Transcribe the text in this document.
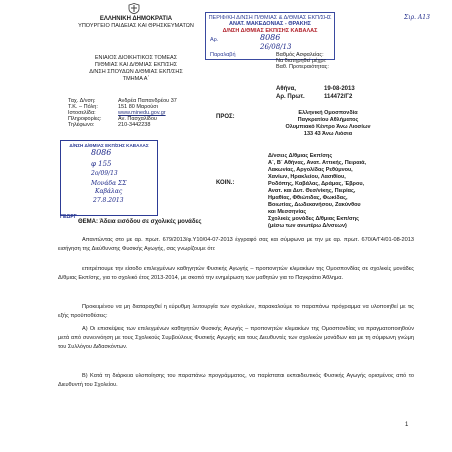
ΕΛΛΗΝΙΚΗ ΔΗΜΟΚΡΑΤΙΑ
ΥΠΟΥΡΓΕΙΟ ΠΑΙΔΕΙΑΣ ΚΑΙ ΘΡΗΣΚΕΥΜΑΤΩΝ
ΕΝΙΑΙΟΣ ΔΙΟΙΚΗΤΙΚΟΣ ΤΟΜΕΑΣ
Π/ΘΜΙΑΣ ΚΑΙ Δ/ΘΜΙΑΣ ΕΚΠ/ΣΗΣ
Δ/ΝΣΗ ΣΠΟΥΔΩΝ Δ/ΘΜΙΑΣ ΕΚΠ/ΣΗΣ
ΤΜΗΜΑ Α΄
Ταχ. Δ/νση:	Ανδρέα Παπανδρέου 37
Τ.Κ. – Πόλη:	151 80 Μαρούσι
Ιστοσελίδα:	www.minedu.gov.gr
Πληροφορίες:	Αν. Πασχαλίδου
Τηλέφωνο:	210-3442238
ΠΕΡΙΦ/ΚΗ Δ/ΝΣΗ Π/ΘΜΙΑΣ & Δ/ΘΜΙΑΣ ΕΚΠ/ΣΗΣ
ΑΝΑΤ. ΜΑΚΕΔΟΝΙΑΣ - ΘΡΑΚΗΣ
Δ/ΝΣΗ Δ/ΘΜΙΑΣ ΕΚΠ/ΣΗΣ ΚΑΒΑΛΑΣ
Αρ.	8086
26/08/13
Παραλαβή
Σιρ. Α13
Βαθμός Ασφαλείας:
Να διατηρηθεί μέχρι:
Βαθ. Προτεραιότητας:
Αθήνα,	19-08-2013
Αρ. Πρωτ.	114472/Γ2
ΠΡΟΣ:
Ελληνική Ομοσπονδία
Παγκρατίου Αθλήματος
Ολυμπιακό Κέντρο Άνω Λιοσίων
133 43 Άνω Λιόσια
ΚΟΙΝ.:
Δ/νσεις Δ/θμιας Εκπ/σης
Α΄, Β΄ Αθήνας, Ανατ. Αττικής, Πειραιά,
Λακωνίας, Αργολίδας Ρεθύμνου,
Χανίων, Ηρακλείου, Λασιθίου,
Ροδόπης, Καβάλας, Δράμας, Έβρου,
Ανατ. και Δυτ. Θεσ/νίκης, Πιερίας,
Ημαθίας, Φθιώτιδας, Φωκίδας,
Βοιωτίας, Δωδεκανήσου, Ζακύνθου
και Μεσσηνίας
Σχολικές μονάδες Δ/θμιας Εκπ/σης
(μέσω των ανωτέρω Δ/νσεων)
Δ/ΝΣΗ Δ/ΘΜΙΑΣ ΕΚΠ/ΣΗΣ ΚΑΒΑΛΑΣ
8086
φ 155
2ο/09/13
Μονάδα ΣΣ
Καβάλας
27.8.2013
ΓΕΩΡΓ
ΘΕΜΑ: Άδεια εισόδου σε σχολικές μονάδες
Απαντώντας στο με αρ. πρωτ. 679/2013/φ.Υ10/04-07-2013 έγγραφό σας και σύμφωνα με την με αρ. πρωτ. 670/Α/Γ4/01-08-2013 εισήγηση της Διεύθυνσης Φυσικής Αγωγής, σας γνωρίζουμε ότι:
επιτρέπουμε την είσοδο επιλεγμένων καθηγητών Φυσικής Αγωγής – προπονητών κλιμακίων της Ομοσπονδίας σε σχολικές μονάδες Δ/θμιας Εκπ/σης, για το σχολικό έτος 2013-2014, με σκοπό την ενημέρωση των μαθητών για το Παγκράτιο Άθλημα.
Προκειμένου να μη διαταραχθεί η εύρυθμη λειτουργία των σχολείων, παρακαλούμε το παραπάνω πρόγραμμα να υλοποιηθεί με τις εξής προϋποθέσεις:
Α) Οι επισκέψεις των επιλεγμένων καθηγητών Φυσικής Αγωγής – προπονητών κλιμακίων της Ομοσπονδίας να πραγματοποιηθούν μετά από συνεννόηση με τους Σχολικούς Συμβούλους Φυσικής Αγωγής και τους Διευθυντές των σχολικών μονάδων και με τη σύμφωνη γνώμη του Συλλόγου Διδασκόντων.
Β) Κατά τη διάρκεια υλοποίησης του παραπάνω προγράμματος, να παρίσταται εκπαιδευτικός Φυσικής Αγωγής ορισμένος από το Διευθυντή του Σχολείου.
1
